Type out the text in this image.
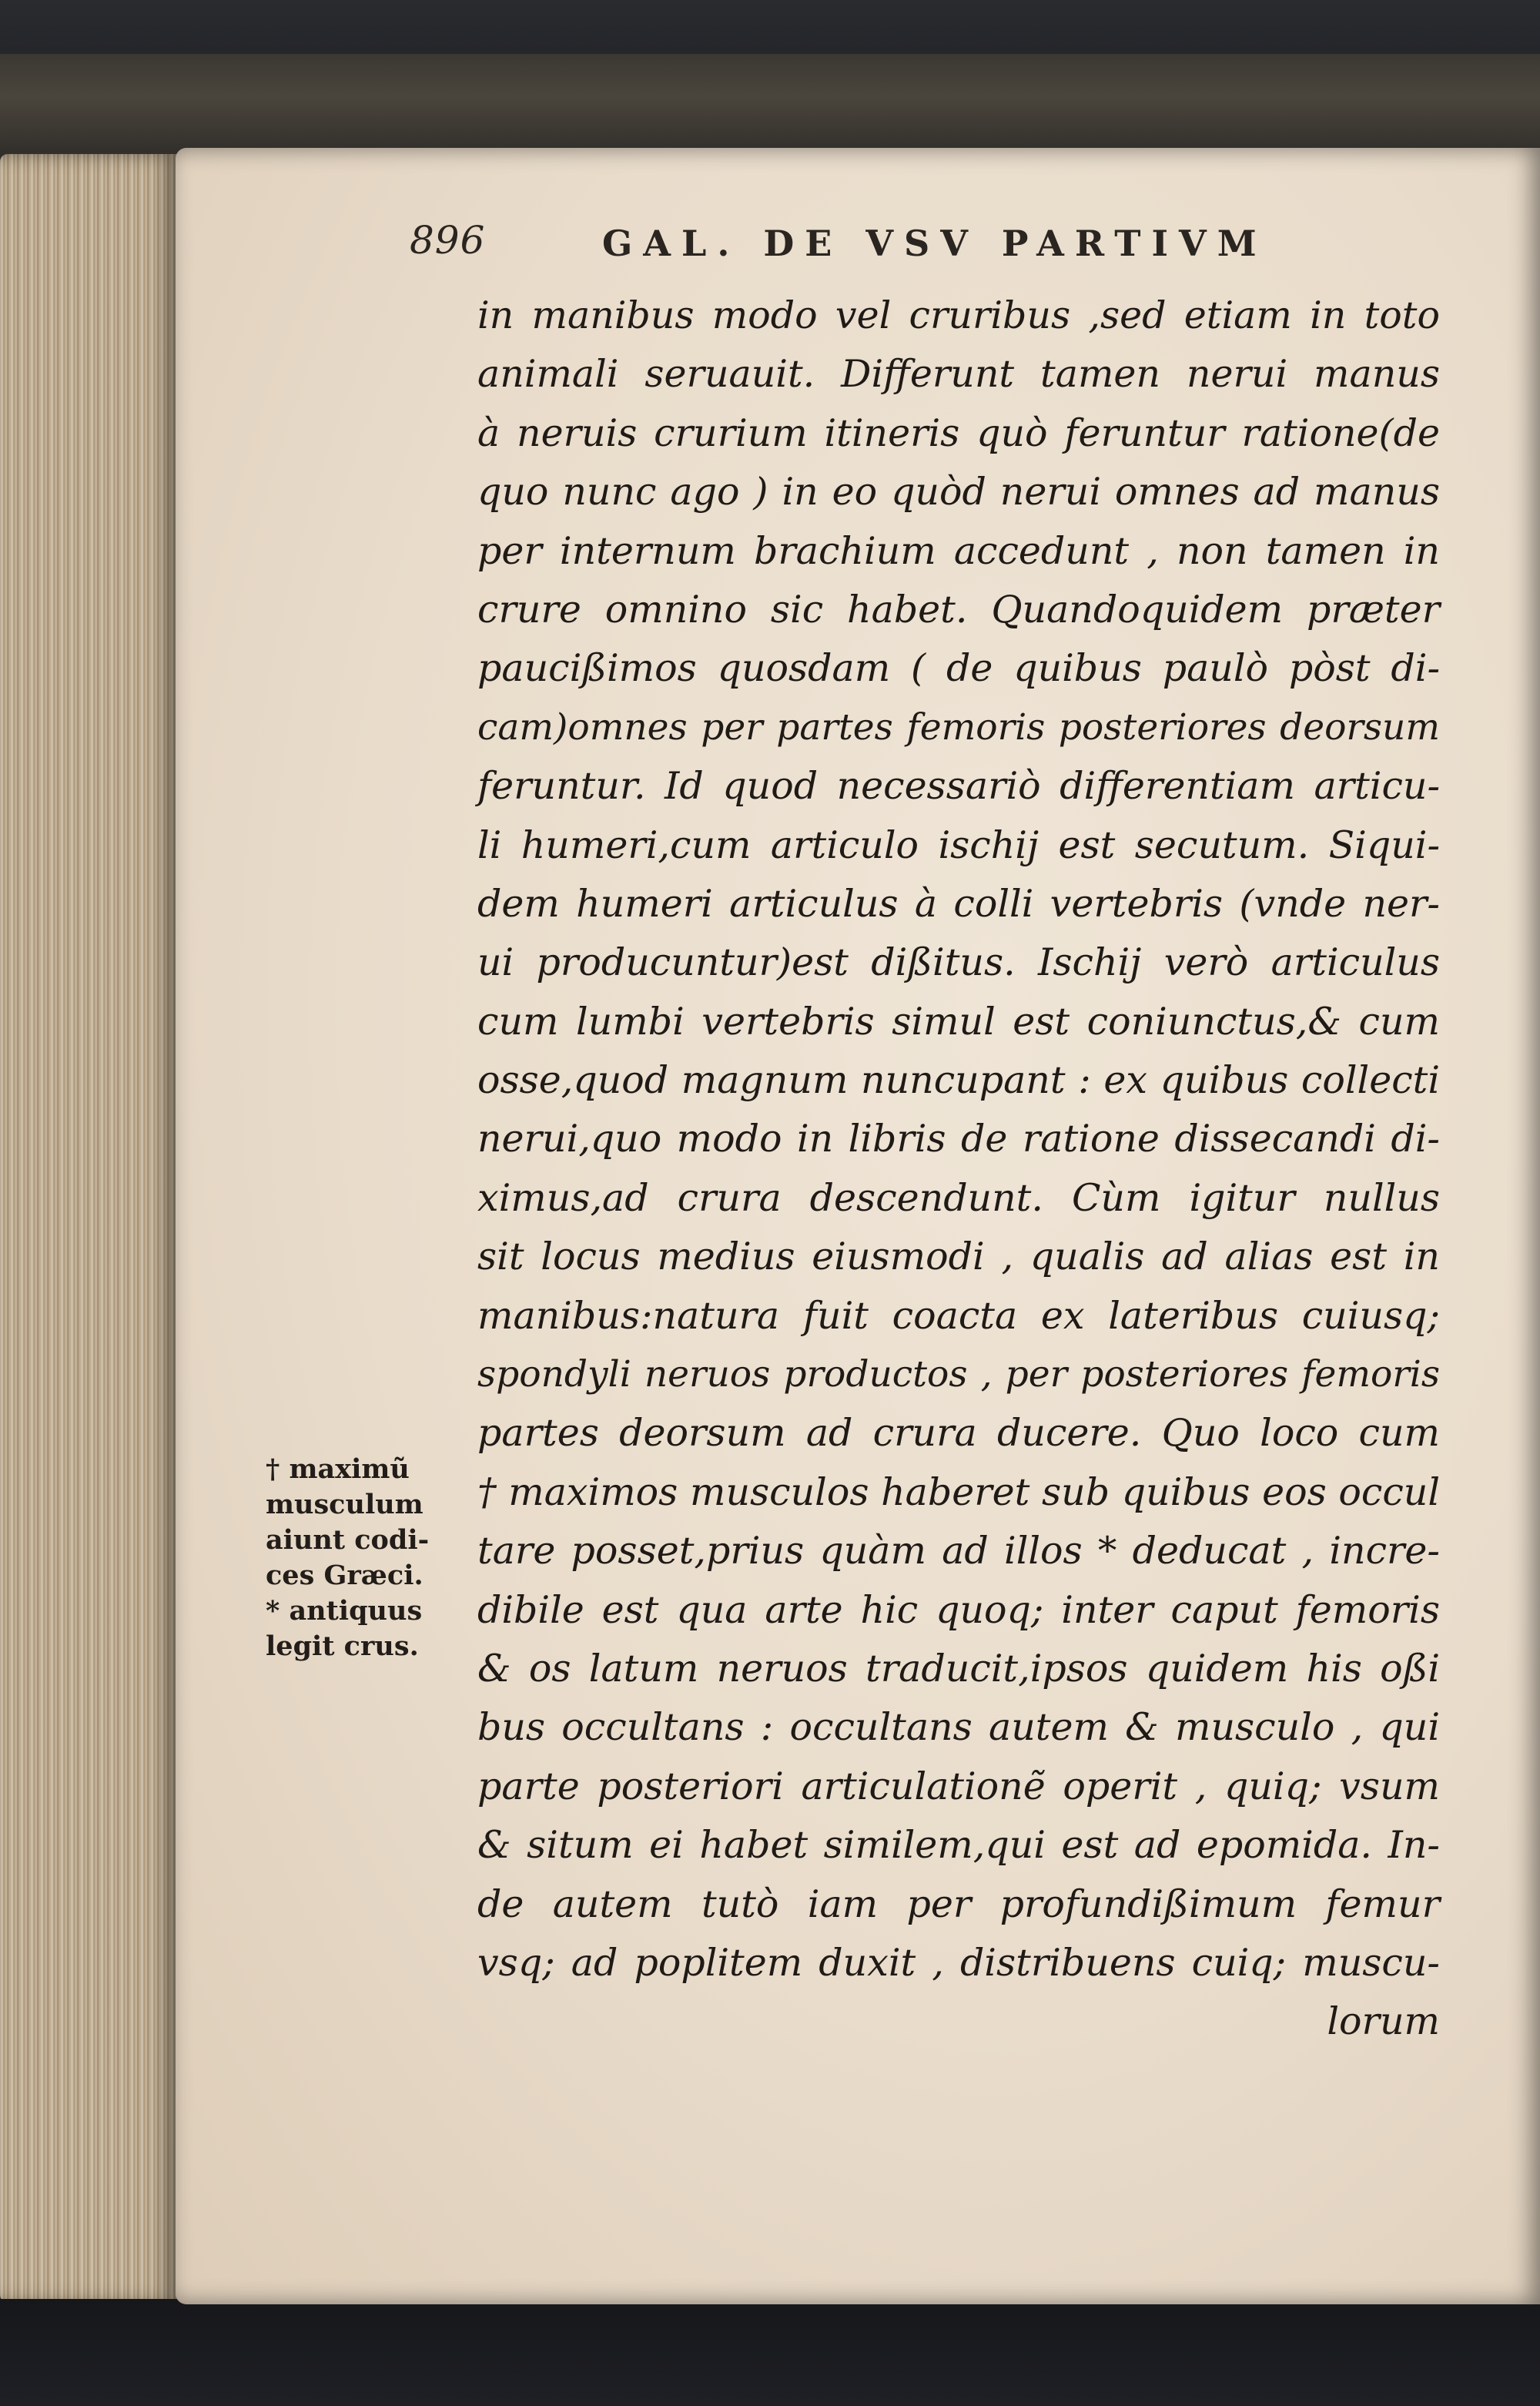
896	GAL. DE VSV PARTIVM
in manibus modo vel cruribus ,sed etiam in toto
animali seruauit. Differunt tamen nerui manus
à neruis crurium itineris quò feruntur ratione(de
quo nunc ago ) in eo quòd nerui omnes ad manus
per internum brachium accedunt , non tamen in
crure omnino sic habet. Quandoquidem præter
paucißimos quosdam ( de quibus paulò pòst di-
cam)omnes per partes femoris posteriores deorsum
feruntur. Id quod necessariò differentiam articu-
li humeri,cum articulo ischij est secutum. Siqui-
dem humeri articulus à colli vertebris (vnde ner-
ui producuntur)est dißitus. Ischij verò articulus
cum lumbi vertebris simul est coniunctus,& cum
osse,quod magnum nuncupant : ex quibus collecti
nerui,quo modo in libris de ratione dissecandi di-
ximus,ad crura descendunt. Cùm igitur nullus
sit locus medius eiusmodi , qualis ad alias est in
manibus:natura fuit coacta ex lateribus cuiusq;
spondyli neruos productos , per posteriores femoris
partes deorsum ad crura ducere. Quo loco cum
† maximos musculos haberet sub quibus eos occul
tare posset,prius quàm ad illos * deducat , incre-
dibile est qua arte hic quoq; inter caput femoris
& os latum neruos traducit,ipsos quidem his oßi
bus occultans : occultans autem & musculo , qui
parte posteriori articulationẽ operit , quiq; vsum
& situm ei habet similem,qui est ad epomida. In-
de autem tutò iam per profundißimum femur
vsq; ad poplitem duxit , distribuens cuiq; muscu-
lorum
† maximũ
musculum
aiunt codi-
ces Græci.
* antiquus
legit crus.
